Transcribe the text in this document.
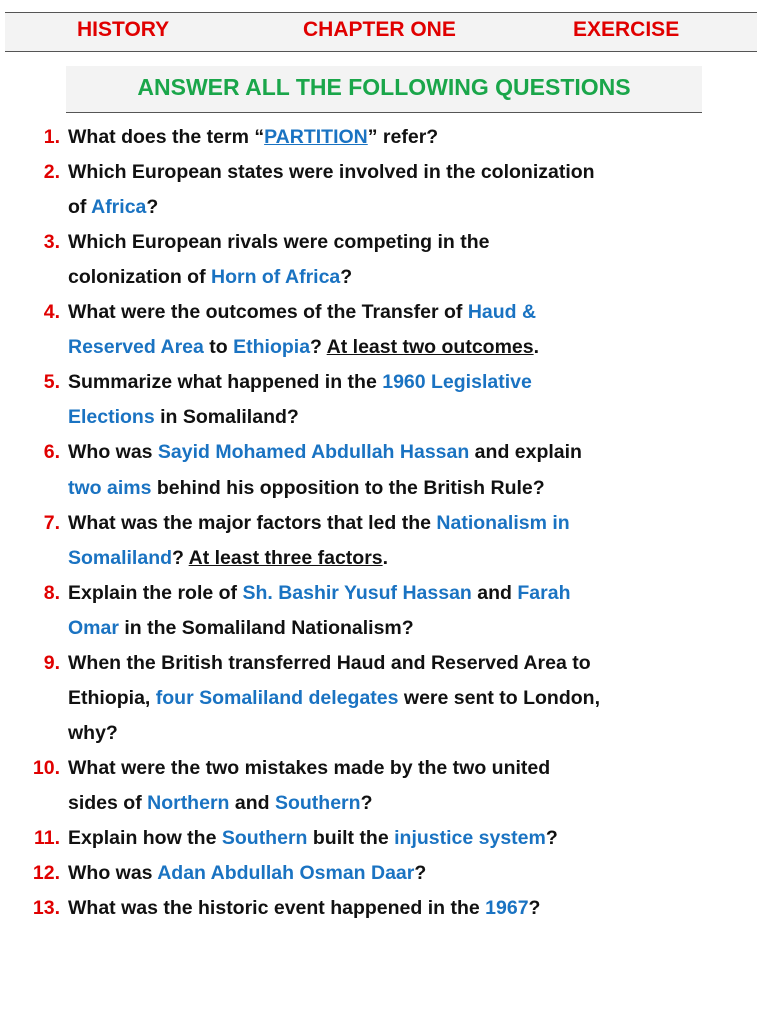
HISTORY	CHAPTER ONE	EXERCISE
ANSWER ALL THE FOLLOWING QUESTIONS
1. What does the term “PARTITION” refer?
2. Which European states were involved in the colonization
of Africa?
3. Which European rivals were competing in the
colonization of Horn of Africa?
4. What were the outcomes of the Transfer of Haud &
Reserved Area to Ethiopia? At least two outcomes.
5. Summarize what happened in the 1960 Legislative
Elections in Somaliland?
6. Who was Sayid Mohamed Abdullah Hassan and explain
two aims behind his opposition to the British Rule?
7. What was the major factors that led the Nationalism in
Somaliland? At least three factors.
8. Explain the role of Sh. Bashir Yusuf Hassan and Farah
Omar in the Somaliland Nationalism?
9. When the British transferred Haud and Reserved Area to
Ethiopia, four Somaliland delegates were sent to London,
why?
10. What were the two mistakes made by the two united
sides of Northern and Southern?
11. Explain how the Southern built the injustice system?
12. Who was Adan Abdullah Osman Daar?
13. What was the historic event happened in the 1967?
